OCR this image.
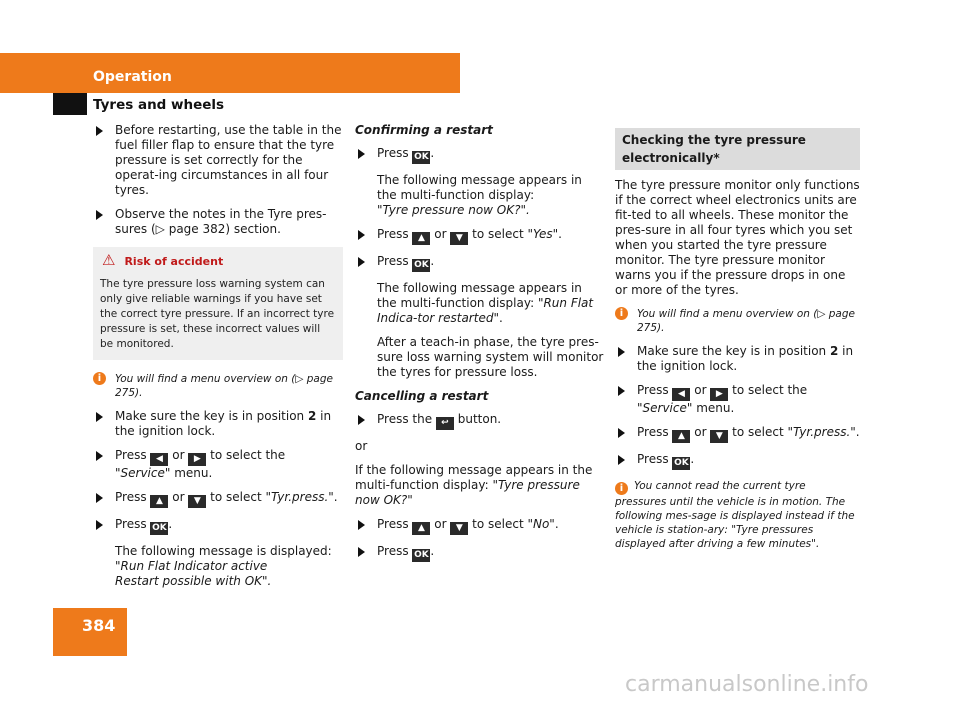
Operation
Tyres and wheels
Before restarting, use the table in the fuel filler flap to ensure that the tyre pressure is set correctly for the operat-ing circumstances in all four tyres.
Observe the notes in the Tyre pres-sures (▷ page 382) section.
⚠ Risk of accident
The tyre pressure loss warning system can only give reliable warnings if you have set the correct tyre pressure. If an incorrect tyre pressure is set, these incorrect values will be monitored.
i	You will find a menu overview on (▷ page 275).
Make sure the key is in position 2 in the ignition lock.
Press ◀ or ▶ to select the "Service" menu.
Press ▲ or ▼ to select "Tyr.press.".
Press OK .
The following message is displayed:
"Run Flat Indicator active Restart possible with OK".
Confirming a restart
Press OK .
The following message appears in the multi-function display:
"Tyre pressure now OK?".
Press ▲ or ▼ to select "Yes".
Press OK .
The following message appears in the multi-function display: "Run Flat Indica-tor restarted".
After a teach-in phase, the tyre pres-sure loss warning system will monitor the tyres for pressure loss.
Cancelling a restart
Press the ↩ button.
or
If the following message appears in the multi-function display: "Tyre pressure now OK?"
Press ▲ or ▼ to select "No".
Press OK .
Checking the tyre pressure electronically*
The tyre pressure monitor only functions if the correct wheel electronics units are fit-ted to all wheels. These monitor the pres-sure in all four tyres which you set when you started the tyre pressure monitor. The tyre pressure monitor warns you if the pressure drops in one or more of the tyres.
i	You will find a menu overview on (▷ page 275).
Make sure the key is in position 2 in the ignition lock.
Press ◀ or ▶ to select the "Service" menu.
Press ▲ or ▼ to select "Tyr.press.".
Press OK .
i You cannot read the current tyre pressures until the vehicle is in motion. The following mes-sage is displayed instead if the vehicle is station-ary: "Tyre pressures displayed after driving a few minutes".
384
carmanualsonline.info
